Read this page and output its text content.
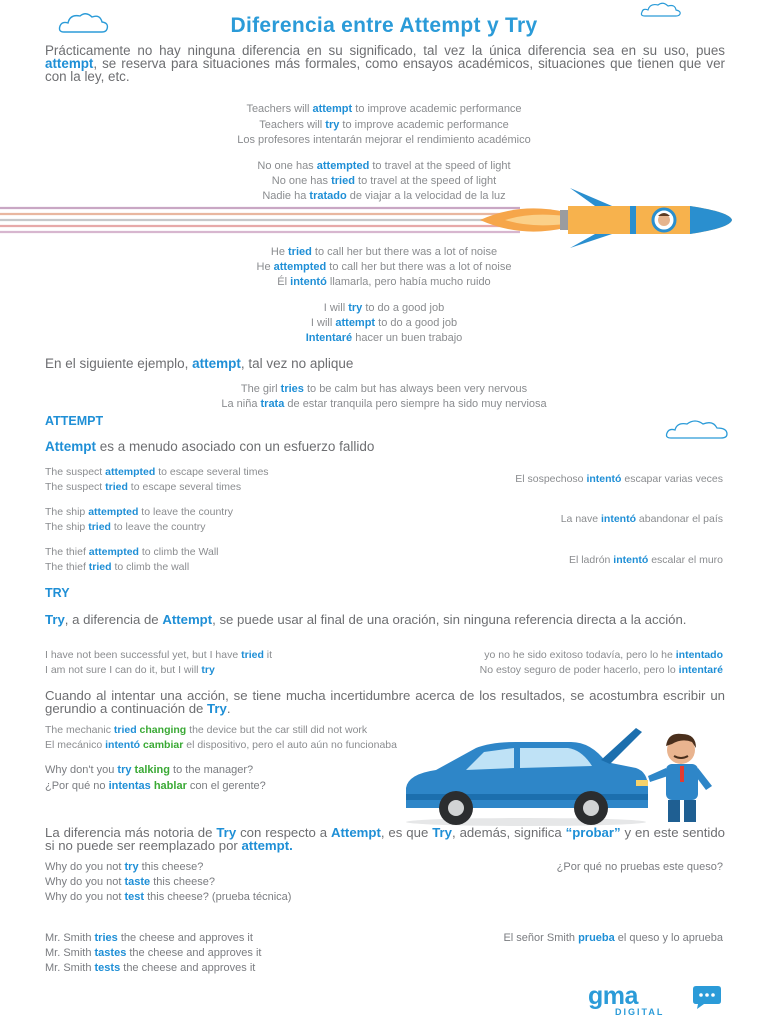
Diferencia entre Attempt y Try
Prácticamente no hay ninguna diferencia en su significado, tal vez la única diferencia sea en su uso, pues attempt, se reserva para situaciones más formales, como ensayos académicos, situaciones que tienen que ver con la ley, etc.
Teachers will attempt to improve academic performance
Teachers will try to improve academic performance
Los profesores intentarán mejorar el rendimiento académico
No one has attempted to travel at the speed of light
No one has tried to travel at the speed of light
Nadie ha tratado de viajar a la velocidad de la luz
He tried to call her but there was a lot of noise
He attempted to call her but there was a lot of noise
Él intentó llamarla, pero había mucho ruido
I will try to do a good job
I will attempt to do a good job
Intentaré hacer un buen trabajo
En el siguiente ejemplo, attempt, tal vez no aplique
The girl tries to be calm but has always been very nervous
La niña trata de estar tranquila pero siempre ha sido muy nerviosa
ATTEMPT
Attempt es a menudo asociado con un esfuerzo fallido
The suspect attempted to escape several times
The suspect tried to escape several times
El sospechoso intentó escapar varias veces
The ship attempted to leave the country
The ship tried to leave the country
La nave intentó abandonar el país
The thief attempted to climb the Wall
The thief tried to climb the wall
El ladrón intentó escalar el muro
TRY
Try, a diferencia de Attempt, se puede usar al final de una oración, sin ninguna referencia directa a la acción.
I have not been successful yet, but I have tried it	yo no he sido exitoso todavía, pero lo he intentado
I am not sure I can do it, but I will try	No estoy seguro de poder hacerlo, pero lo intentaré
Cuando al intentar una acción, se tiene mucha incertidumbre acerca de los resultados, se acostumbra escribir un gerundio a continuación de Try.
The mechanic tried changing the device but the car still did not work
El mecánico intentó cambiar el dispositivo, pero el auto aún no funcionaba
Why don't you try talking to the manager?
¿Por qué no intentas hablar con el gerente?
La diferencia más notoria de Try con respecto a Attempt, es que Try, además, significa “probar” y en este sentido si no puede ser reemplazado por attempt.
Why do you not try this cheese?
Why do you not taste this cheese?
Why do you not test this cheese? (prueba técnica)
¿Por qué no pruebas este queso?
Mr. Smith tries the cheese and approves it
Mr. Smith tastes the cheese and approves it
Mr. Smith tests the cheese and approves it
El señor Smith prueba el queso y lo aprueba
gma
DIGITAL
